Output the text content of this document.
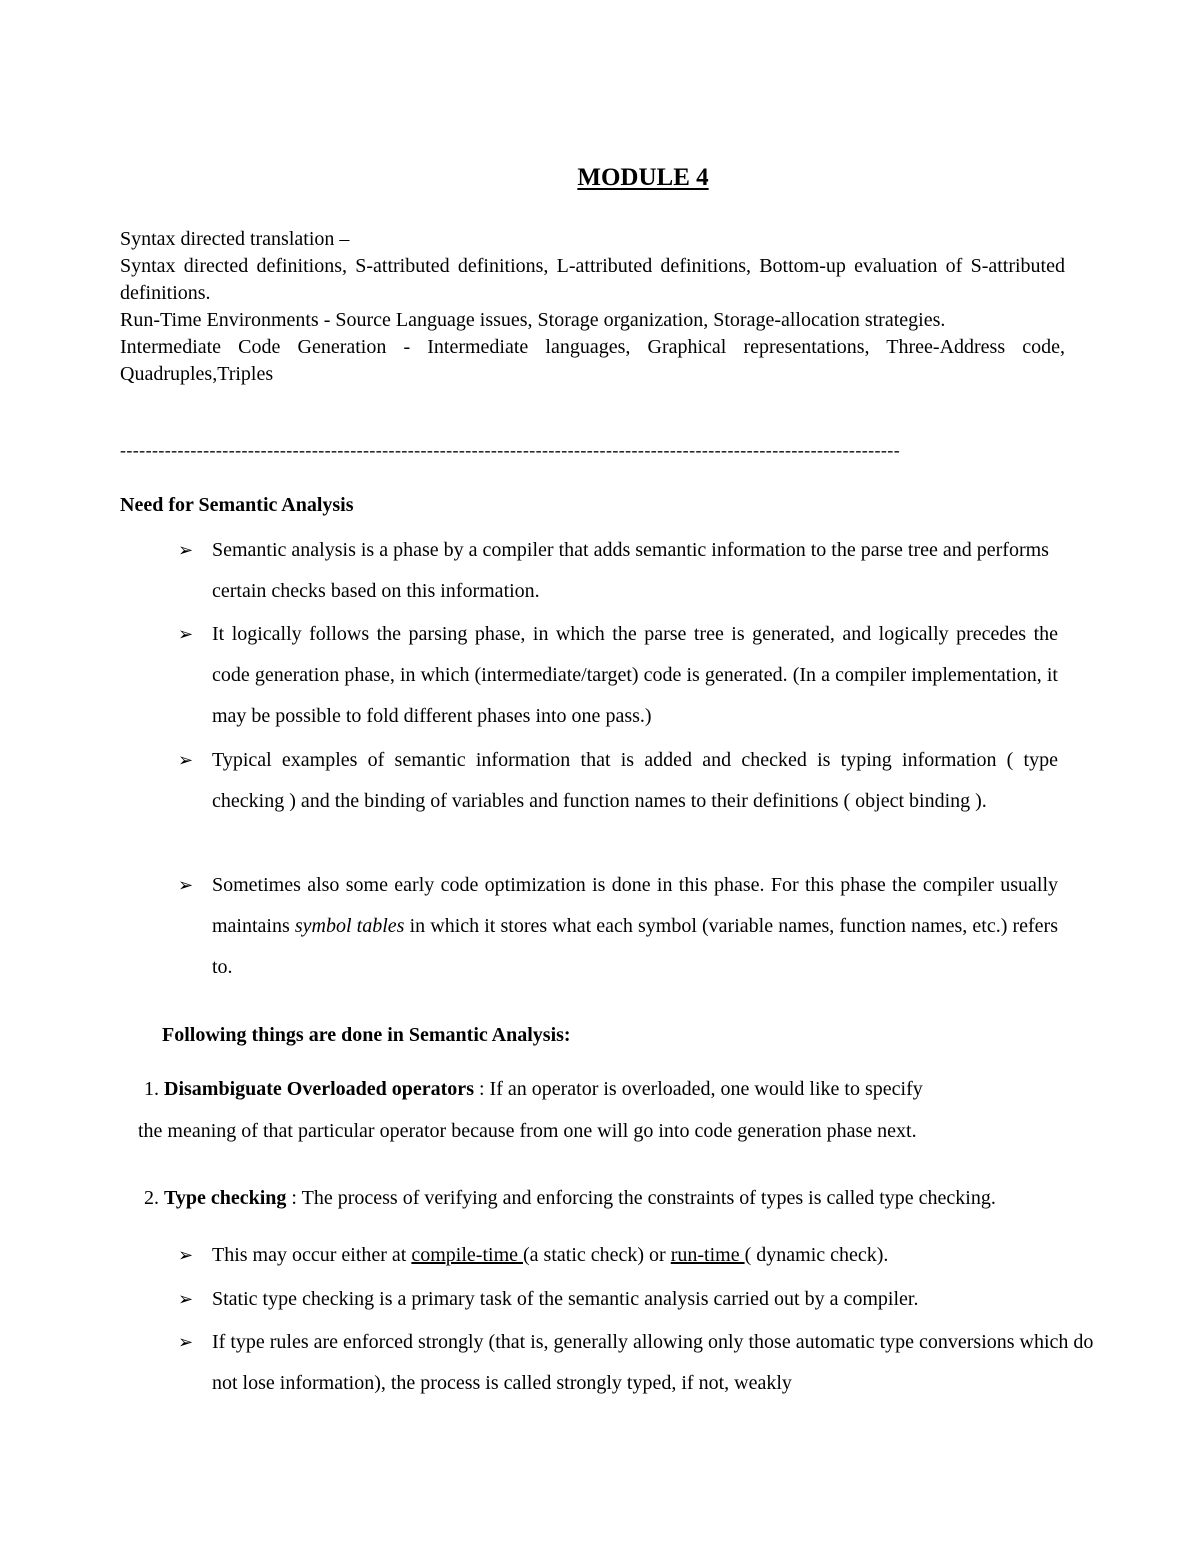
MODULE 4

Syntax directed translation –

Syntax directed definitions, S-attributed definitions, L-attributed definitions, Bottom-up evaluation of S-attributed definitions.

Run-Time Environments - Source Language issues, Storage organization, Storage-allocation strategies.

Intermediate Code Generation - Intermediate languages, Graphical representations, Three-Address code, Quadruples,Triples

--------------------------------------------------------------------------------------------------------------------------
Need for Semantic Analysis
➢ Semantic analysis is a phase by a compiler that adds semantic information to the parse tree and performs certain checks based on this information.
➢ It logically follows the parsing phase, in which the parse tree is generated, and logically precedes the code generation phase, in which (intermediate/target) code is generated. (In a compiler implementation, it may be possible to fold different phases into one pass.)
➢ Typical examples of semantic information that is added and checked is typing information ( type checking ) and the binding of variables and function names to their definitions ( object binding ).
➢ Sometimes also some early code optimization is done in this phase. For this phase the compiler usually maintains symbol tables in which it stores what each symbol (variable names, function names, etc.) refers to.
Following things are done in Semantic Analysis:
1. Disambiguate Overloaded operators : If an operator is overloaded, one would like to specify
the meaning of that particular operator because from one will go into code generation phase next.
2. Type checking : The process of verifying and enforcing the constraints of types is called type checking.
➢ This may occur either at compile-time (a static check) or run-time ( dynamic check).
➢ Static type checking is a primary task of the semantic analysis carried out by a compiler.
➢ If type rules are enforced strongly (that is, generally allowing only those automatic type conversions which do not lose information), the process is called strongly typed, if not, weakly
